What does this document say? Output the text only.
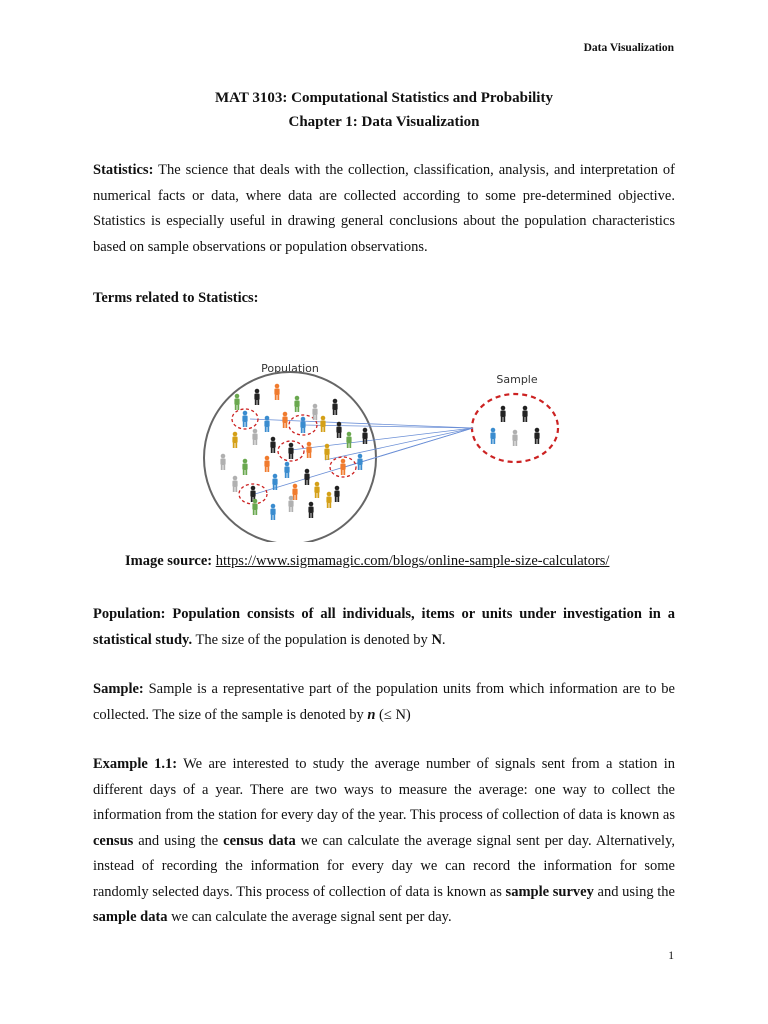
Data Visualization
MAT 3103: Computational Statistics and Probability
Chapter 1: Data Visualization

Statistics: The science that deals with the collection, classification, analysis, and interpretation of numerical facts or data, where data are collected according to some pre-determined objective. Statistics is especially useful in drawing general conclusions about the population characteristics based on sample observations or population observations.

Terms related to Statistics:
Population
Sample
Image source: https://www.sigmamagic.com/blogs/online-sample-size-calculators/

Population: Population consists of all individuals, items or units under investigation in a statistical study. The size of the population is denoted by N.

Sample: Sample is a representative part of the population units from which information are to be collected. The size of the sample is denoted by n (≤ N)

Example 1.1: We are interested to study the average number of signals sent from a station in different days of a year. There are two ways to measure the average: one way to collect the information from the station for every day of the year. This process of collection of data is known as census and using the census data we can calculate the average signal sent per day. Alternatively, instead of recording the information for every day we can record the information for some randomly selected days. This process of collection of data is known as sample survey and using the sample data we can calculate the average signal sent per day.

1
